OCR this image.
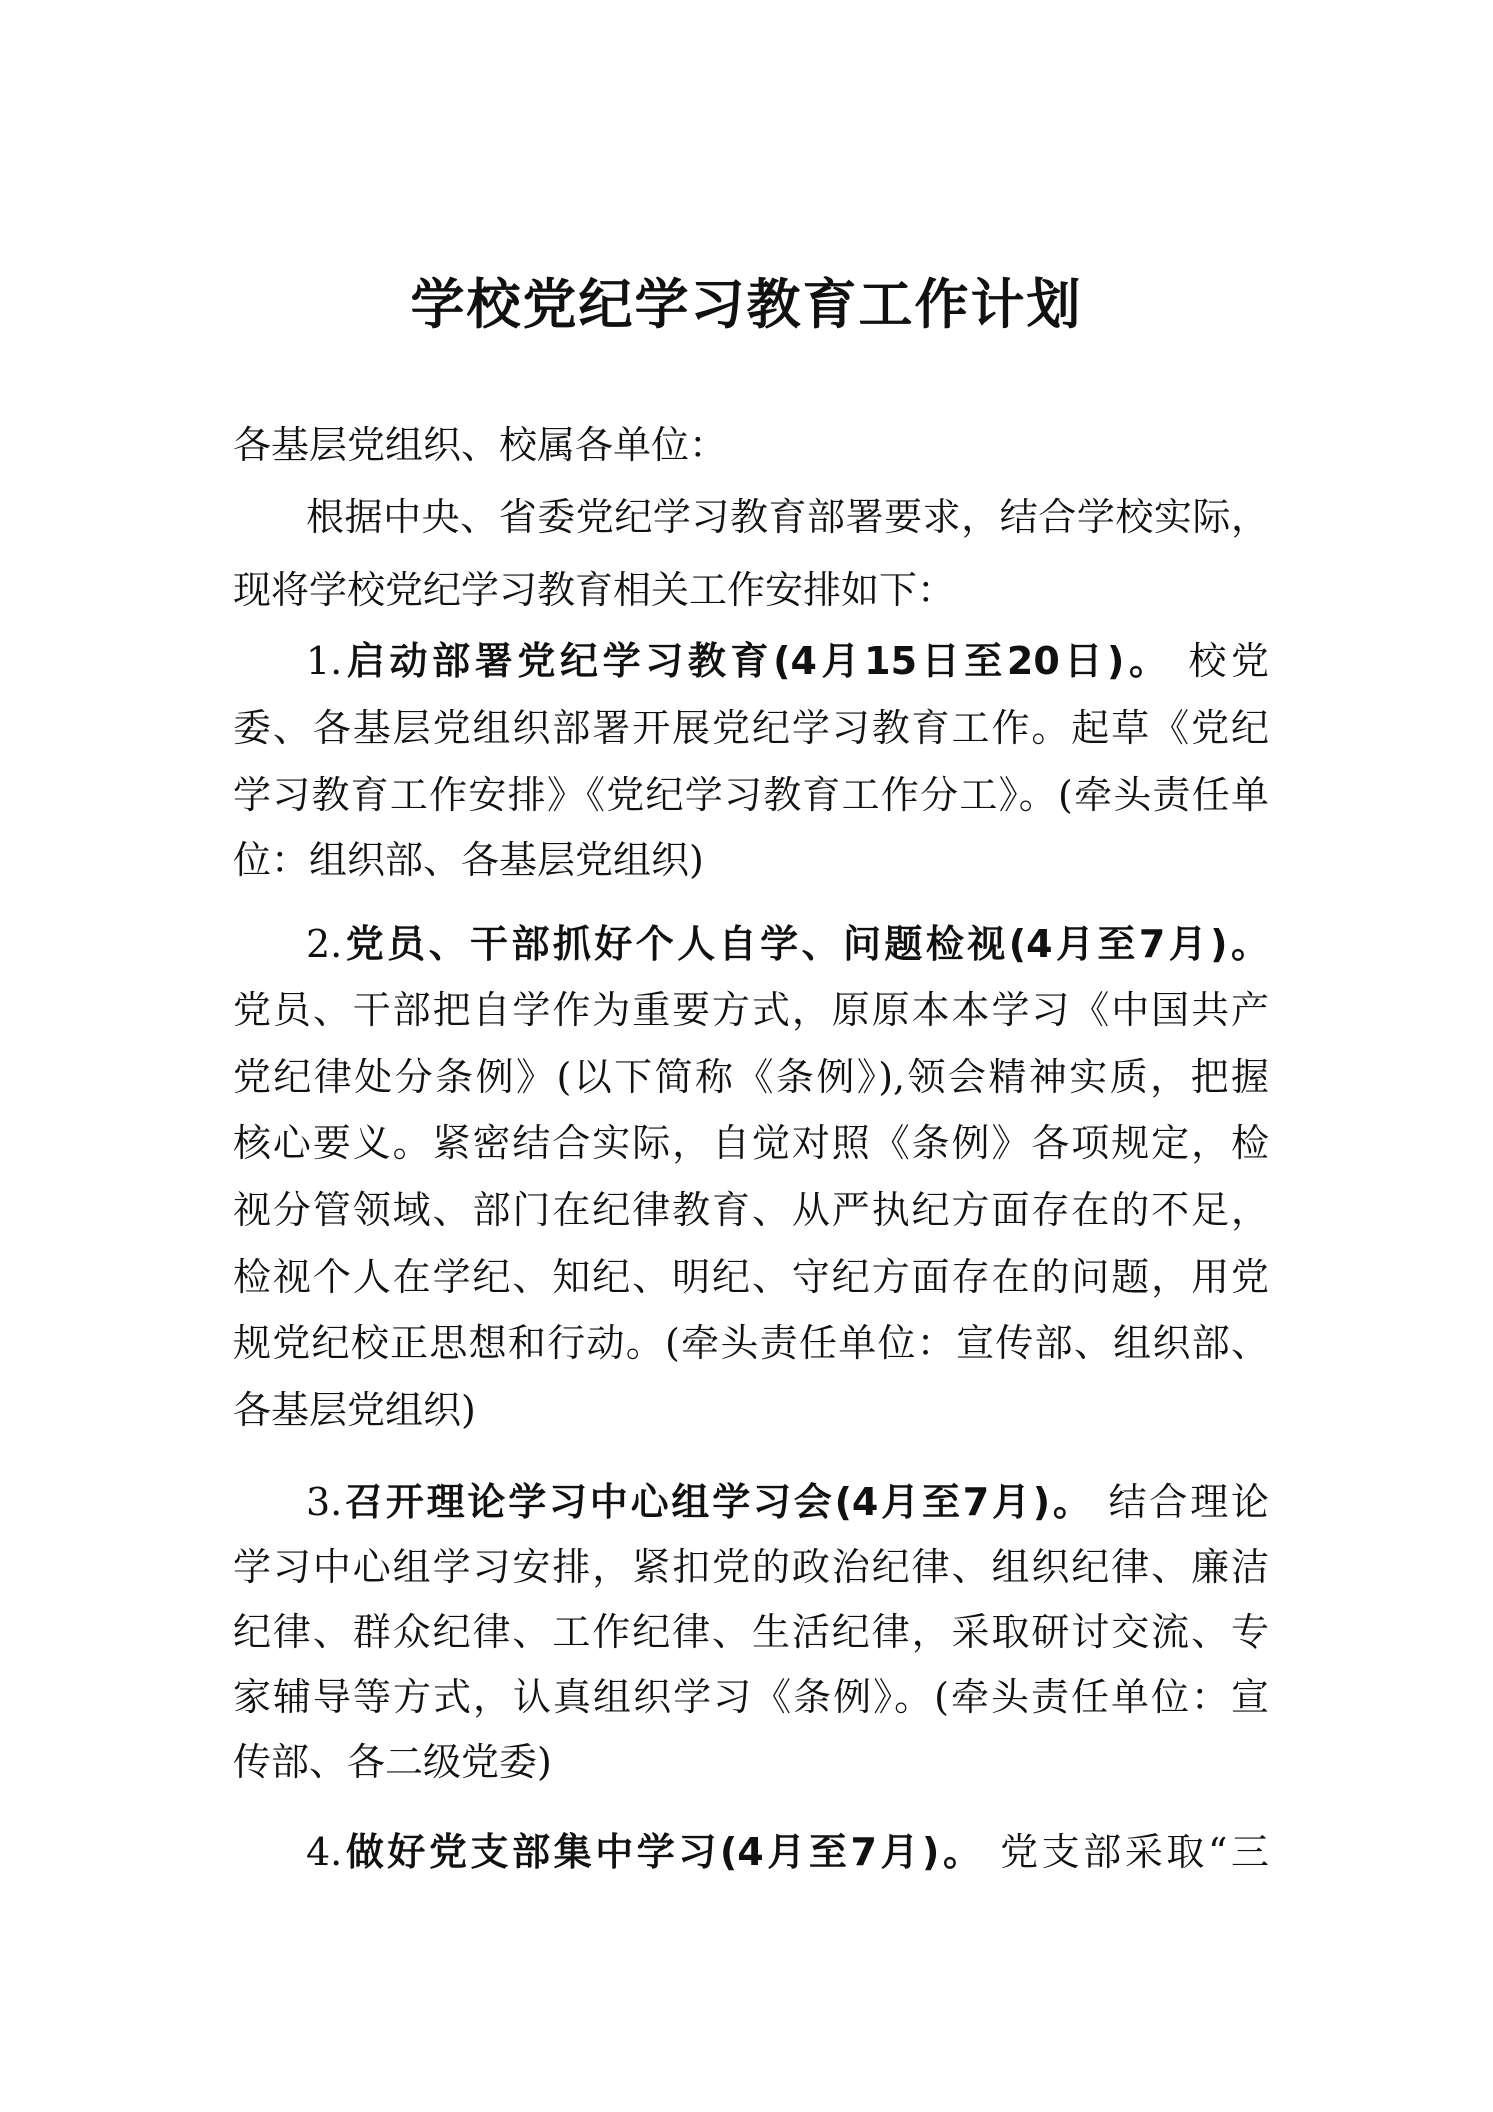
学校党纪学习教育工作计划
各基层党组织、校属各单位：
根据中央、省委党纪学习教育部署要求，结合学校实际，
现将学校党纪学习教育相关工作安排如下：
1.启动部署党纪学习教育(4月15日至20日)。 校党
委、各基层党组织部署开展党纪学习教育工作。起草《党纪
学习教育工作安排》《党纪学习教育工作分工》。(牵头责任单
位：组织部、各基层党组织)
2.党员、干部抓好个人自学、问题检视(4月至7月)。
党员、干部把自学作为重要方式，原原本本学习《中国共产
党纪律处分条例》(以下简称《条例》),领会精神实质，把握
核心要义。紧密结合实际，自觉对照《条例》各项规定，检
视分管领域、部门在纪律教育、从严执纪方面存在的不足，
检视个人在学纪、知纪、明纪、守纪方面存在的问题，用党
规党纪校正思想和行动。(牵头责任单位：宣传部、组织部、
各基层党组织)
3.召开理论学习中心组学习会(4月至7月)。 结合理论
学习中心组学习安排，紧扣党的政治纪律、组织纪律、廉洁
纪律、群众纪律、工作纪律、生活纪律，采取研讨交流、专
家辅导等方式，认真组织学习《条例》。(牵头责任单位：宣
传部、各二级党委)
4.做好党支部集中学习(4月至7月)。 党支部采取“三
